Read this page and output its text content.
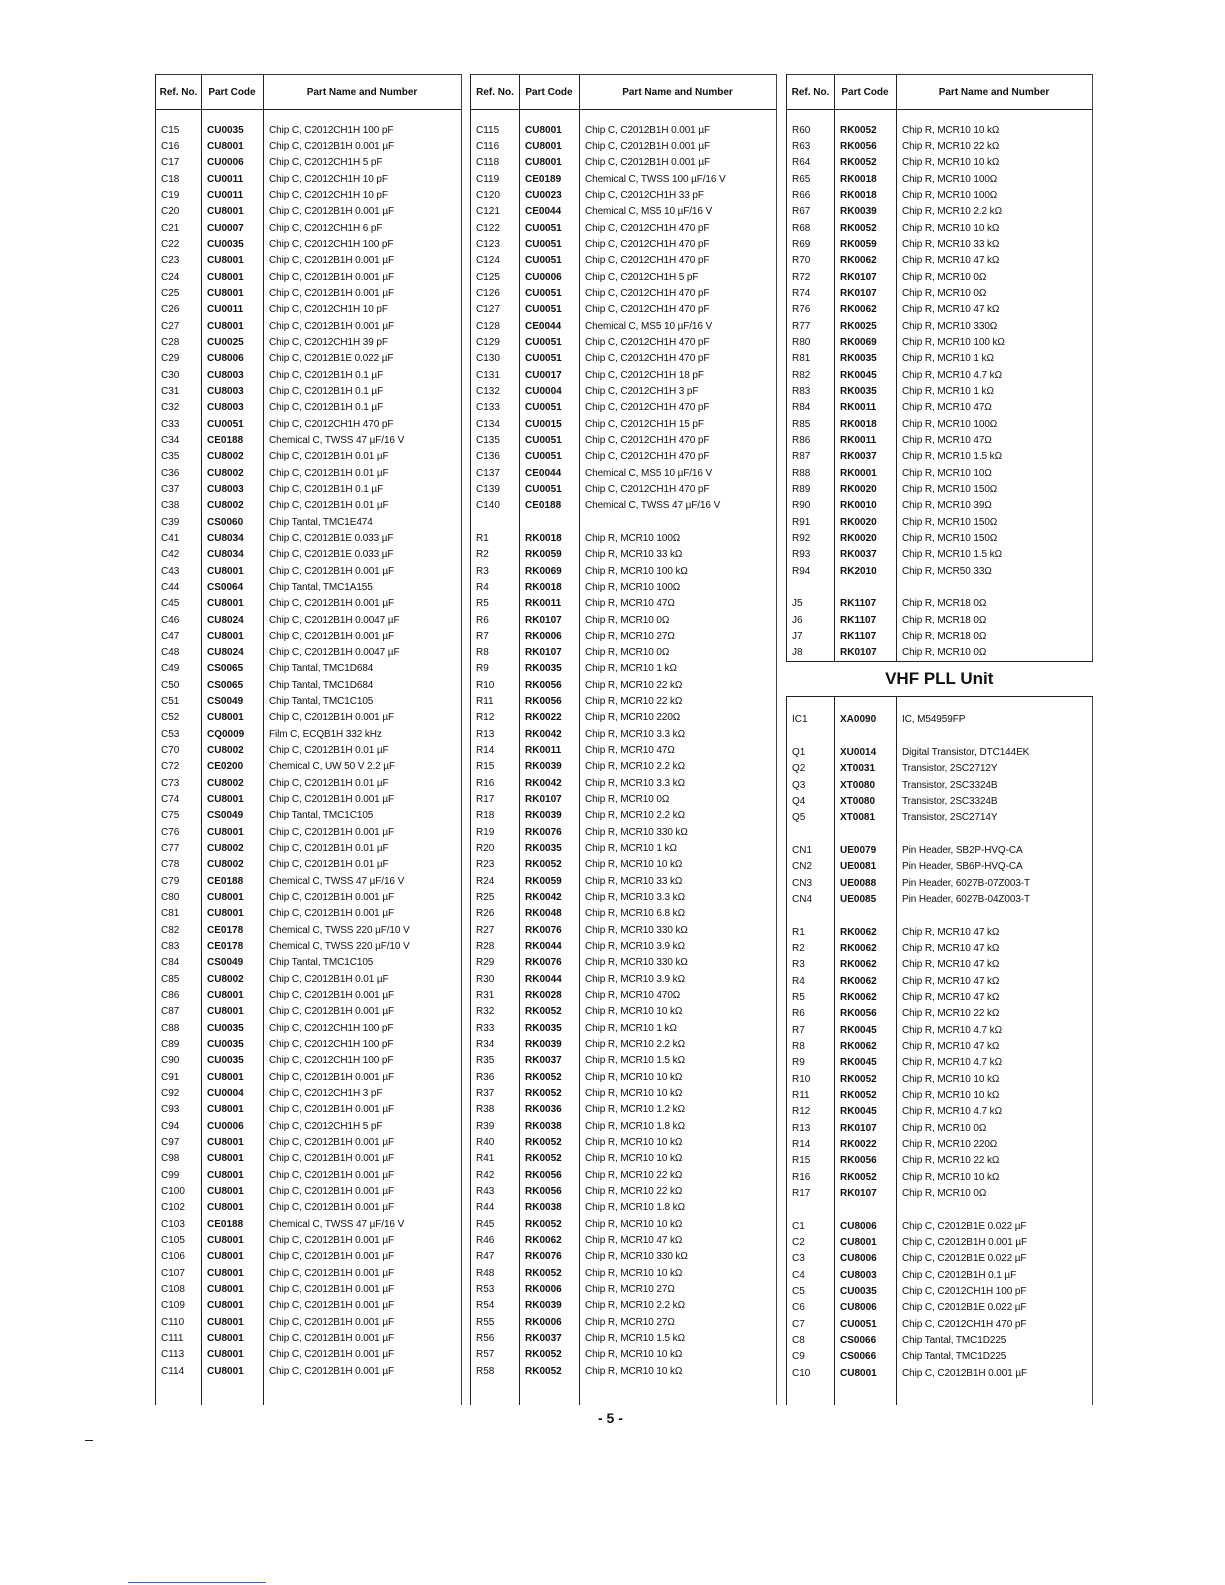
Ref. No.	Part Code	Part Name and Number
C15	CU0035	Chip C, C2012CH1H 100 pF
C16	CU8001	Chip C, C2012B1H 0.001 µF
C17	CU0006	Chip C, C2012CH1H 5 pF
C18	CU0011	Chip C, C2012CH1H 10 pF
C19	CU0011	Chip C, C2012CH1H 10 pF
C20	CU8001	Chip C, C2012B1H 0.001 µF
C21	CU0007	Chip C, C2012CH1H 6 pF
C22	CU0035	Chip C, C2012CH1H 100 pF
C23	CU8001	Chip C, C2012B1H 0.001 µF
C24	CU8001	Chip C, C2012B1H 0.001 µF
C25	CU8001	Chip C, C2012B1H 0.001 µF
C26	CU0011	Chip C, C2012CH1H 10 pF
C27	CU8001	Chip C, C2012B1H 0.001 µF
C28	CU0025	Chip C, C2012CH1H 39 pF
C29	CU8006	Chip C, C2012B1E 0.022 µF
C30	CU8003	Chip C, C2012B1H 0.1 µF
C31	CU8003	Chip C, C2012B1H 0.1 µF
C32	CU8003	Chip C, C2012B1H 0.1 µF
C33	CU0051	Chip C, C2012CH1H 470 pF
C34	CE0188	Chemical C, TWSS 47 µF/16 V
C35	CU8002	Chip C, C2012B1H 0.01 µF
C36	CU8002	Chip C, C2012B1H 0.01 µF
C37	CU8003	Chip C, C2012B1H 0.1 µF
C38	CU8002	Chip C, C2012B1H 0.01 µF
C39	CS0060	Chip Tantal, TMC1E474
C41	CU8034	Chip C, C2012B1E 0.033 µF
C42	CU8034	Chip C, C2012B1E 0.033 µF
C43	CU8001	Chip C, C2012B1H 0.001 µF
C44	CS0064	Chip Tantal, TMC1A155
C45	CU8001	Chip C, C2012B1H 0.001 µF
C46	CU8024	Chip C, C2012B1H 0.0047 µF
C47	CU8001	Chip C, C2012B1H 0.001 µF
C48	CU8024	Chip C, C2012B1H 0.0047 µF
C49	CS0065	Chip Tantal, TMC1D684
C50	CS0065	Chip Tantal, TMC1D684
C51	CS0049	Chip Tantal, TMC1C105
C52	CU8001	Chip C, C2012B1H 0.001 µF
C53	CQ0009	Film C, ECQB1H 332 kHz
C70	CU8002	Chip C, C2012B1H 0.01 µF
C72	CE0200	Chemical C, UW 50 V 2.2 µF
C73	CU8002	Chip C, C2012B1H 0.01 µF
C74	CU8001	Chip C, C2012B1H 0.001 µF
C75	CS0049	Chip Tantal, TMC1C105
C76	CU8001	Chip C, C2012B1H 0.001 µF
C77	CU8002	Chip C, C2012B1H 0.01 µF
C78	CU8002	Chip C, C2012B1H 0.01 µF
C79	CE0188	Chemical C, TWSS 47 µF/16 V
C80	CU8001	Chip C, C2012B1H 0.001 µF
C81	CU8001	Chip C, C2012B1H 0.001 µF
C82	CE0178	Chemical C, TWSS 220 µF/10 V
C83	CE0178	Chemical C, TWSS 220 µF/10 V
C84	CS0049	Chip Tantal, TMC1C105
C85	CU8002	Chip C, C2012B1H 0.01 µF
C86	CU8001	Chip C, C2012B1H 0.001 µF
C87	CU8001	Chip C, C2012B1H 0.001 µF
C88	CU0035	Chip C, C2012CH1H 100 pF
C89	CU0035	Chip C, C2012CH1H 100 pF
C90	CU0035	Chip C, C2012CH1H 100 pF
C91	CU8001	Chip C, C2012B1H 0.001 µF
C92	CU0004	Chip C, C2012CH1H 3 pF
C93	CU8001	Chip C, C2012B1H 0.001 µF
C94	CU0006	Chip C, C2012CH1H 5 pF
C97	CU8001	Chip C, C2012B1H 0.001 µF
C98	CU8001	Chip C, C2012B1H 0.001 µF
C99	CU8001	Chip C, C2012B1H 0.001 µF
C100	CU8001	Chip C, C2012B1H 0.001 µF
C102	CU8001	Chip C, C2012B1H 0.001 µF
C103	CE0188	Chemical C, TWSS 47 µF/16 V
C105	CU8001	Chip C, C2012B1H 0.001 µF
C106	CU8001	Chip C, C2012B1H 0.001 µF
C107	CU8001	Chip C, C2012B1H 0.001 µF
C108	CU8001	Chip C, C2012B1H 0.001 µF
C109	CU8001	Chip C, C2012B1H 0.001 µF
C110	CU8001	Chip C, C2012B1H 0.001 µF
C111	CU8001	Chip C, C2012B1H 0.001 µF
C113	CU8001	Chip C, C2012B1H 0.001 µF
C114	CU8001	Chip C, C2012B1H 0.001 µF
Ref. No.	Part Code	Part Name and Number
C115	CU8001	Chip C, C2012B1H 0.001 µF
C116	CU8001	Chip C, C2012B1H 0.001 µF
C118	CU8001	Chip C, C2012B1H 0.001 µF
C119	CE0189	Chemical C, TWSS 100 µF/16 V
C120	CU0023	Chip C, C2012CH1H 33 pF
C121	CE0044	Chemical C, MS5 10 µF/16 V
C122	CU0051	Chip C, C2012CH1H 470 pF
C123	CU0051	Chip C, C2012CH1H 470 pF
C124	CU0051	Chip C, C2012CH1H 470 pF
C125	CU0006	Chip C, C2012CH1H 5 pF
C126	CU0051	Chip C, C2012CH1H 470 pF
C127	CU0051	Chip C, C2012CH1H 470 pF
C128	CE0044	Chemical C, MS5 10 µF/16 V
C129	CU0051	Chip C, C2012CH1H 470 pF
C130	CU0051	Chip C, C2012CH1H 470 pF
C131	CU0017	Chip C, C2012CH1H 18 pF
C132	CU0004	Chip C, C2012CH1H 3 pF
C133	CU0051	Chip C, C2012CH1H 470 pF
C134	CU0015	Chip C, C2012CH1H 15 pF
C135	CU0051	Chip C, C2012CH1H 470 pF
C136	CU0051	Chip C, C2012CH1H 470 pF
C137	CE0044	Chemical C, MS5 10 µF/16 V
C139	CU0051	Chip C, C2012CH1H 470 pF
C140	CE0188	Chemical C, TWSS 47 µF/16 V
R1	RK0018	Chip R, MCR10 100Ω
R2	RK0059	Chip R, MCR10 33 kΩ
R3	RK0069	Chip R, MCR10 100 kΩ
R4	RK0018	Chip R, MCR10 100Ω
R5	RK0011	Chip R, MCR10 47Ω
R6	RK0107	Chip R, MCR10 0Ω
R7	RK0006	Chip R, MCR10 27Ω
R8	RK0107	Chip R, MCR10 0Ω
R9	RK0035	Chip R, MCR10 1 kΩ
R10	RK0056	Chip R, MCR10 22 kΩ
R11	RK0056	Chip R, MCR10 22 kΩ
R12	RK0022	Chip R, MCR10 220Ω
R13	RK0042	Chip R, MCR10 3.3 kΩ
R14	RK0011	Chip R, MCR10 47Ω
R15	RK0039	Chip R, MCR10 2.2 kΩ
R16	RK0042	Chip R, MCR10 3.3 kΩ
R17	RK0107	Chip R, MCR10 0Ω
R18	RK0039	Chip R, MCR10 2.2 kΩ
R19	RK0076	Chip R, MCR10 330 kΩ
R20	RK0035	Chip R, MCR10 1 kΩ
R23	RK0052	Chip R, MCR10 10 kΩ
R24	RK0059	Chip R, MCR10 33 kΩ
R25	RK0042	Chip R, MCR10 3.3 kΩ
R26	RK0048	Chip R, MCR10 6.8 kΩ
R27	RK0076	Chip R, MCR10 330 kΩ
R28	RK0044	Chip R, MCR10 3.9 kΩ
R29	RK0076	Chip R, MCR10 330 kΩ
R30	RK0044	Chip R, MCR10 3.9 kΩ
R31	RK0028	Chip R, MCR10 470Ω
R32	RK0052	Chip R, MCR10 10 kΩ
R33	RK0035	Chip R, MCR10 1 kΩ
R34	RK0039	Chip R, MCR10 2.2 kΩ
R35	RK0037	Chip R, MCR10 1.5 kΩ
R36	RK0052	Chip R, MCR10 10 kΩ
R37	RK0052	Chip R, MCR10 10 kΩ
R38	RK0036	Chip R, MCR10 1.2 kΩ
R39	RK0038	Chip R, MCR10 1.8 kΩ
R40	RK0052	Chip R, MCR10 10 kΩ
R41	RK0052	Chip R, MCR10 10 kΩ
R42	RK0056	Chip R, MCR10 22 kΩ
R43	RK0056	Chip R, MCR10 22 kΩ
R44	RK0038	Chip R, MCR10 1.8 kΩ
R45	RK0052	Chip R, MCR10 10 kΩ
R46	RK0062	Chip R, MCR10 47 kΩ
R47	RK0076	Chip R, MCR10 330 kΩ
R48	RK0052	Chip R, MCR10 10 kΩ
R53	RK0006	Chip R, MCR10 27Ω
R54	RK0039	Chip R, MCR10 2.2 kΩ
R55	RK0006	Chip R, MCR10 27Ω
R56	RK0037	Chip R, MCR10 1.5 kΩ
R57	RK0052	Chip R, MCR10 10 kΩ
R58	RK0052	Chip R, MCR10 10 kΩ
Ref. No.	Part Code	Part Name and Number
R60	RK0052	Chip R, MCR10 10 kΩ
R63	RK0056	Chip R, MCR10 22 kΩ
R64	RK0052	Chip R, MCR10 10 kΩ
R65	RK0018	Chip R, MCR10 100Ω
R66	RK0018	Chip R, MCR10 100Ω
R67	RK0039	Chip R, MCR10 2.2 kΩ
R68	RK0052	Chip R, MCR10 10 kΩ
R69	RK0059	Chip R, MCR10 33 kΩ
R70	RK0062	Chip R, MCR10 47 kΩ
R72	RK0107	Chip R, MCR10 0Ω
R74	RK0107	Chip R, MCR10 0Ω
R76	RK0062	Chip R, MCR10 47 kΩ
R77	RK0025	Chip R, MCR10 330Ω
R80	RK0069	Chip R, MCR10 100 kΩ
R81	RK0035	Chip R, MCR10 1 kΩ
R82	RK0045	Chip R, MCR10 4.7 kΩ
R83	RK0035	Chip R, MCR10 1 kΩ
R84	RK0011	Chip R, MCR10 47Ω
R85	RK0018	Chip R, MCR10 100Ω
R86	RK0011	Chip R, MCR10 47Ω
R87	RK0037	Chip R, MCR10 1.5 kΩ
R88	RK0001	Chip R, MCR10 10Ω
R89	RK0020	Chip R, MCR10 150Ω
R90	RK0010	Chip R, MCR10 39Ω
R91	RK0020	Chip R, MCR10 150Ω
R92	RK0020	Chip R, MCR10 150Ω
R93	RK0037	Chip R, MCR10 1.5 kΩ
R94	RK2010	Chip R, MCR50 33Ω
J5	RK1107	Chip R, MCR18 0Ω
J6	RK1107	Chip R, MCR18 0Ω
J7	RK1107	Chip R, MCR18 0Ω
J8	RK0107	Chip R, MCR10 0Ω
VHF PLL Unit
IC1	XA0090	IC, M54959FP
Q1	XU0014	Digital Transistor, DTC144EK
Q2	XT0031	Transistor, 2SC2712Y
Q3	XT0080	Transistor, 2SC3324B
Q4	XT0080	Transistor, 2SC3324B
Q5	XT0081	Transistor, 2SC2714Y
CN1	UE0079	Pin Header, SB2P-HVQ-CA
CN2	UE0081	Pin Header, SB6P-HVQ-CA
CN3	UE0088	Pin Header, 6027B-07Z003-T
CN4	UE0085	Pin Header, 6027B-04Z003-T
R1	RK0062	Chip R, MCR10 47 kΩ
R2	RK0062	Chip R, MCR10 47 kΩ
R3	RK0062	Chip R, MCR10 47 kΩ
R4	RK0062	Chip R, MCR10 47 kΩ
R5	RK0062	Chip R, MCR10 47 kΩ
R6	RK0056	Chip R, MCR10 22 kΩ
R7	RK0045	Chip R, MCR10 4.7 kΩ
R8	RK0062	Chip R, MCR10 47 kΩ
R9	RK0045	Chip R, MCR10 4.7 kΩ
R10	RK0052	Chip R, MCR10 10 kΩ
R11	RK0052	Chip R, MCR10 10 kΩ
R12	RK0045	Chip R, MCR10 4.7 kΩ
R13	RK0107	Chip R, MCR10 0Ω
R14	RK0022	Chip R, MCR10 220Ω
R15	RK0056	Chip R, MCR10 22 kΩ
R16	RK0052	Chip R, MCR10 10 kΩ
R17	RK0107	Chip R, MCR10 0Ω
C1	CU8006	Chip C, C2012B1E 0.022 µF
C2	CU8001	Chip C, C2012B1H 0.001 µF
C3	CU8006	Chip C, C2012B1E 0.022 µF
C4	CU8003	Chip C, C2012B1H 0.1 µF
C5	CU0035	Chip C, C2012CH1H 100 pF
C6	CU8006	Chip C, C2012B1E 0.022 µF
C7	CU0051	Chip C, C2012CH1H 470 pF
C8	CS0066	Chip Tantal, TMC1D225
C9	CS0066	Chip Tantal, TMC1D225
C10	CU8001	Chip C, C2012B1H 0.001 µF
- 5 -
